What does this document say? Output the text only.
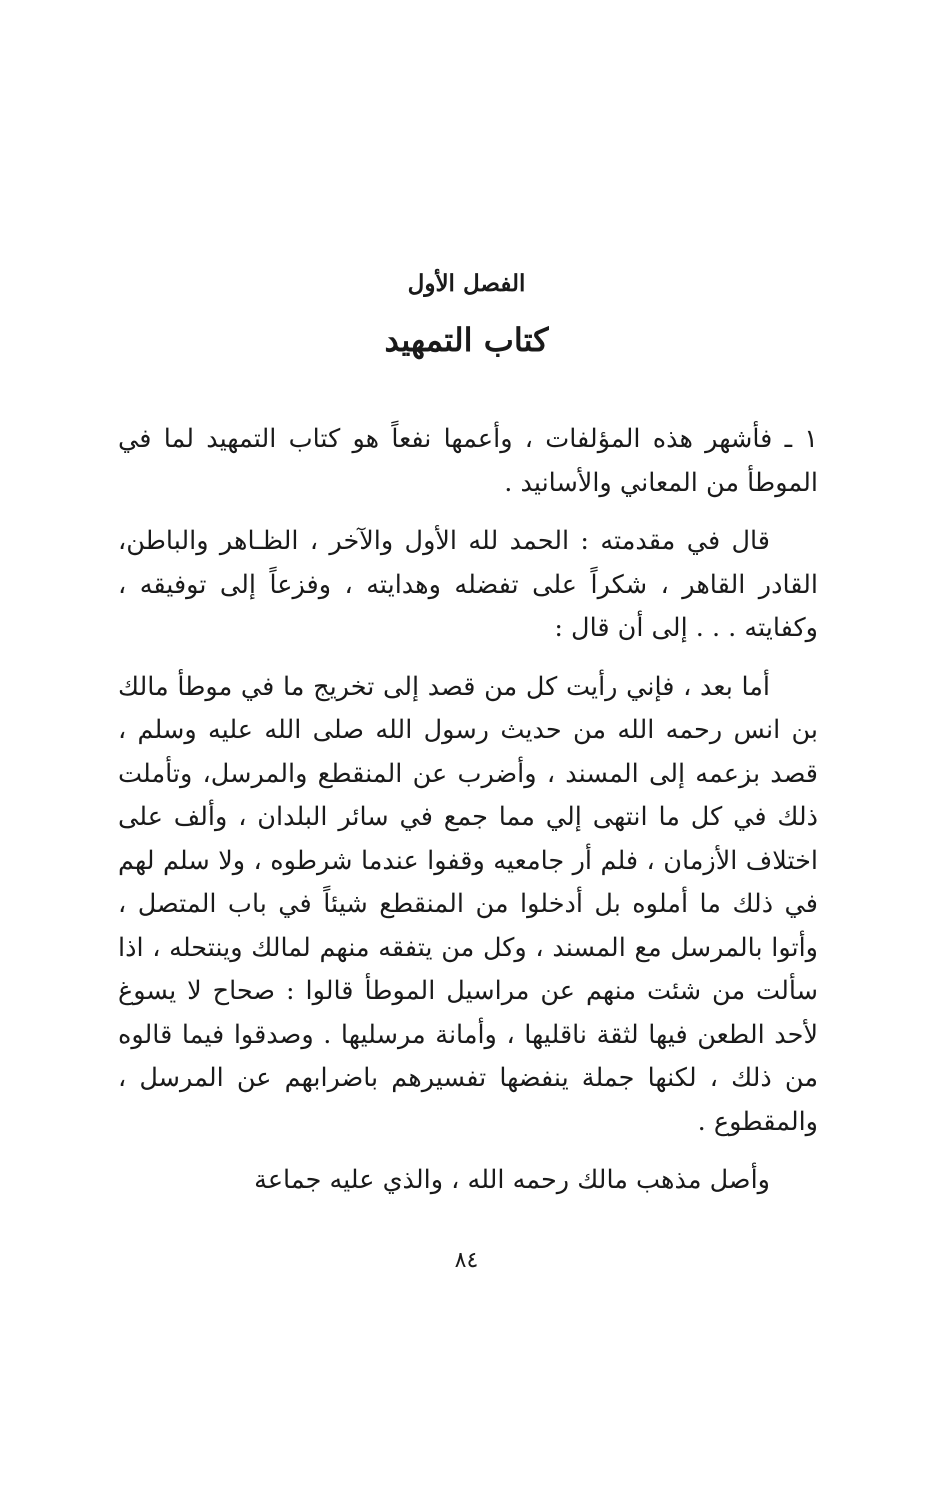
الفصل الأول
كتاب التمهيد

١ ـ فأشهر هذه المؤلفات ، وأعمها نفعاً هو كتاب التمهيد لما في الموطأ من المعاني والأسانيد .

قال في مقدمته : الحمد لله الأول والآخر ، الظـاهر والباطن، القادر القاهر ، شكراً على تفضله وهدايته ، وفزعاً إلى توفيقه ، وكفايته . . . إلى أن قال :

أما بعد ، فإني رأيت كل من قصد إلى تخريج ما في موطأ مالك بن انس رحمه الله من حديث رسول الله صلى الله عليه وسلم ، قصد بزعمه إلى المسند ، وأضرب عن المنقطع والمرسل، وتأملت ذلك في كل ما انتهى إلي مما جمع في سائر البلدان ، وألف على اختلاف الأزمان ، فلم أر جامعيه وقفوا عندما شرطوه ، ولا سلم لهم في ذلك ما أملوه بل أدخلوا من المنقطع شيئاً في باب المتصل ، وأتوا بالمرسل مع المسند ، وكل من يتفقه منهم لمالك وينتحله ، اذا سألت من شئت منهم عن مراسيل الموطأ قالوا : صحاح لا يسوغ لأحد الطعن فيها لثقة ناقليها ، وأمانة مرسليها . وصدقوا فيما قالوه من ذلك ، لكنها جملة ينفضها تفسيرهم باضرابهم عن المرسل ، والمقطوع .

وأصل مذهب مالك رحمه الله ، والذي عليه جماعة

٨٤
